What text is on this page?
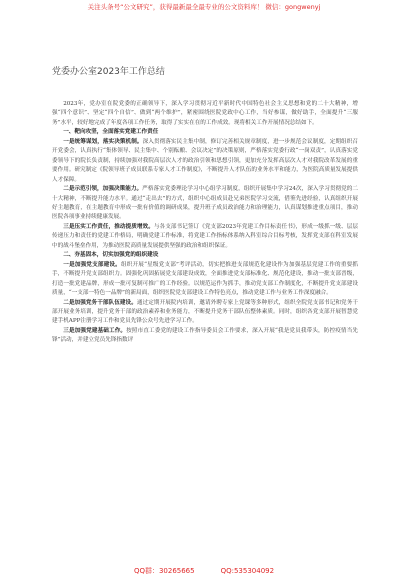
关注头条号“公文研究”，获得最新最全最专业的公文资料库！ 微信：gongwenyj
党委办公室2023年工作总结

2023年，党办室在院党委的正确领导下，深入学习贯彻习近平新时代中国特色社会主义思想和党的二十大精神，增强“四个意识”、坚定“四个自信”、做到“两个维护”，紧密围绕医院党政中心工作，当好参谋，做好助手，全面提升“三服务”水平，较好地完成了年度各项工作任务，取得了实实在在的工作成效。现将相关工作开展情况总结如下。

一、靶向攻坚，全面落实党建工作责任

一是统筹谋划，落实决策机制。深入贯彻落实民主集中制，修订完善相关规章制度，进一步规范会议制度，定期组织召开党委会，认真执行“集体领导、民主集中、个别酝酿、会议决定”的决策原则，严格落实党委行政“一岗双责”，认真落实党委领导下的院长负责制，持续加强对我院高层次人才的政治引领和思想引领，更加充分发挥高层次人才对我院改革发展的重要作用。研究制定《院领导班子成员联系专家人才工作制度》，不断提升人才队伍的业务水平和能力，为医院高质量发展提供人才保障。

二是示范引领，加强决策能力。严格落实党委理论学习中心组学习制度，组织开展集中学习24次，深入学习贯彻党的二十大精神，不断提升能力水平。通过“走出去”的方式，组织中心组成员赴兄弟医院学习交流，借鉴先进经验，认真组织开展好主题教育，在主题教育中形成一批有价值的调研成果，提升班子成员政治能力和治理能力，认真谋划推进重点项目，推动医院各项事业持续健康发展。

三是压实工作责任，推动提质增效。与各支部书记签订《党支部2023年党建工作目标责任书》，形成一级抓一级、层层传递压力和责任的党建工作格局，明确党建工作标准，将党建工作指标体系纳入科室综合目标考核，发挥党支部在科室发展中的战斗堡垒作用，为推动医院高质量发展提供坚强的政治和组织保证。

二、夯基固本，切实加强党的组织建设

一是加强党支部建设。组织开展“星级党支部”考评活动，切实把推进支部规范化建设作为加强基层党建工作的重要抓手，不断提升党支部组织力。固强化巩固拓展党支部建设成效，全面推进党支部标准化、规范化建设，推动一批支部晋级，打造一批党建品牌，形成一批可复制可推广的工作经验。以规范运作为抓手，推动党支部工作制度化，不断提升党支部建设质量，“一支部一特色一品牌”的新局面，组织医院党支部建设工作特色亮点，推动党建工作与业务工作深度融合。

二是加强党务干部队伍建设。通过定期开展院内培训，邀请外聘专家上党课等多种形式，组织全院党支部书记和党务干部开展业务培训，提升党务干部的政治素养和业务能力，不断提升党务干部队伍整体素质。同时，组织各党支部开展智慧党建手机APP注册学习工作和党员先锋公众号先进学习工作。

三是加强党建基础工作。按照市直工委党的建设工作指导委员会工作要求，深入开展“我是党员我带头，防控疫情当先锋”活动，并建立党员先锋指数评

QQ群：30265665	QQ:535304092
